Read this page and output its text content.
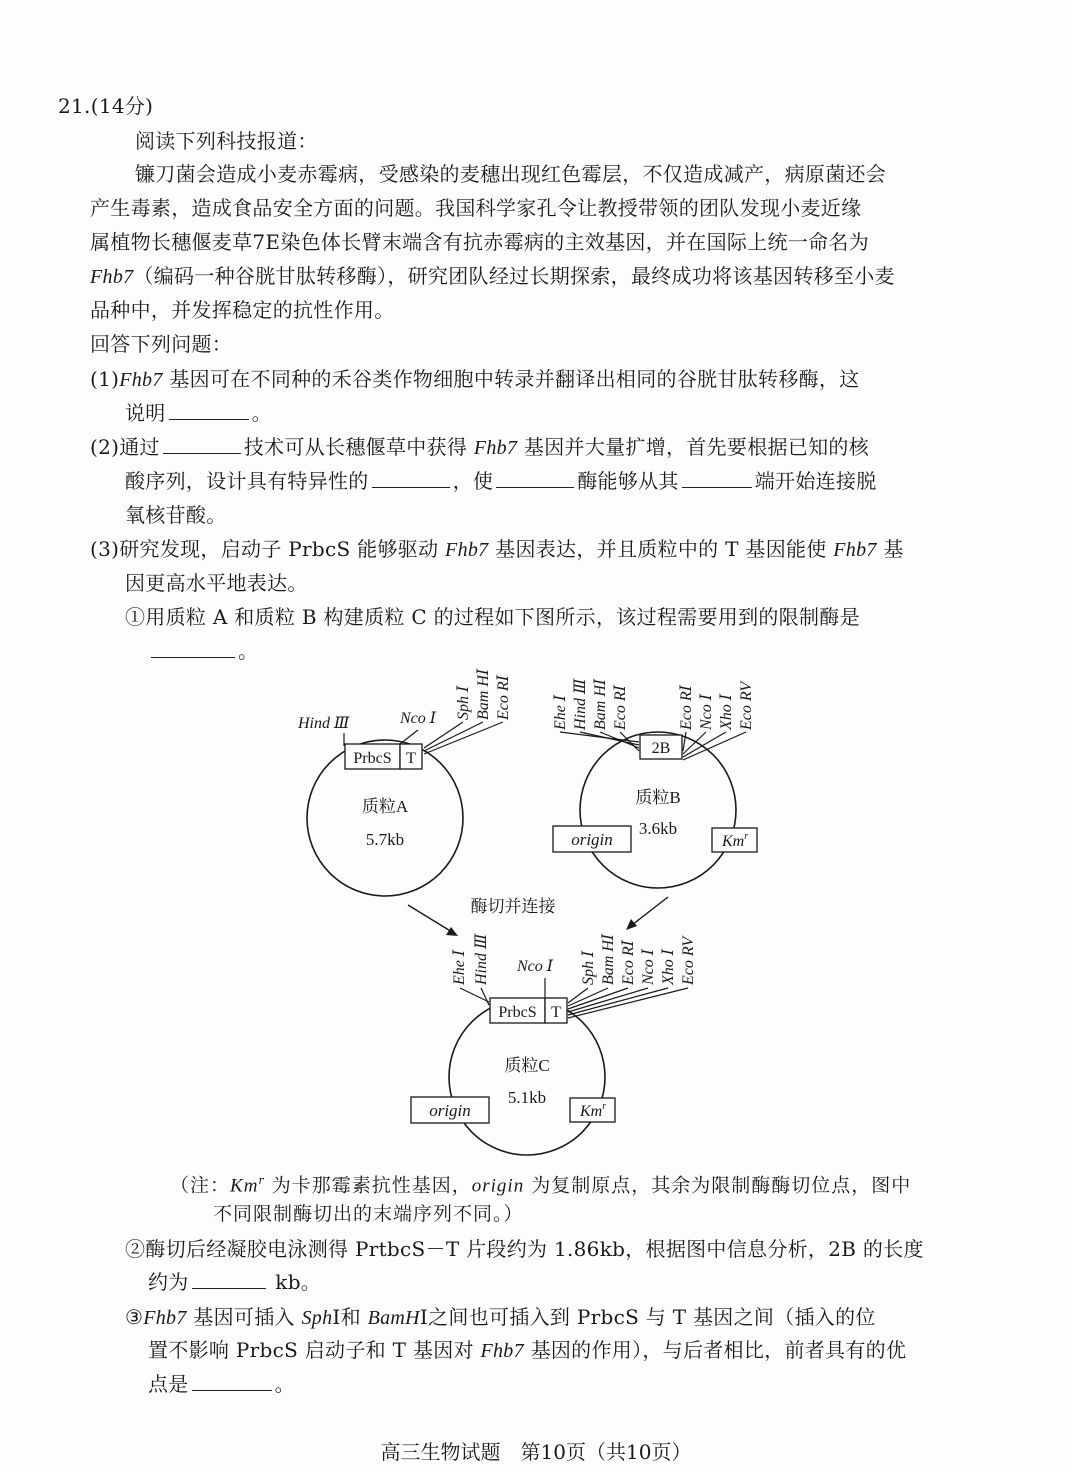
21.(14分)
阅读下列科技报道：
镰刀菌会造成小麦赤霉病，受感染的麦穗出现红色霉层，不仅造成减产，病原菌还会
产生毒素，造成食品安全方面的问题。我国科学家孔令让教授带领的团队发现小麦近缘
属植物长穗偃麦草7E染色体长臂末端含有抗赤霉病的主效基因，并在国际上统一命名为
Fhb7（编码一种谷胱甘肽转移酶），研究团队经过长期探索，最终成功将该基因转移至小麦
品种中，并发挥稳定的抗性作用。
回答下列问题：
(1)Fhb7 基因可在不同种的禾谷类作物细胞中转录并翻译出相同的谷胱甘肽转移酶，这
说明	。
(2)通过	技术可从长穗偃草中获得 Fhb7 基因并大量扩增，首先要根据已知的核
酸序列，设计具有特异性的	，使	酶能够从其	端开始连接脱
氧核苷酸。
(3)研究发现，启动子 PrbcS 能够驱动 Fhb7 基因表达，并且质粒中的 T 基因能使 Fhb7 基
因更高水平地表达。
①用质粒 A 和质粒 B 构建质粒 C 的过程如下图所示，该过程需要用到的限制酶是
。
PrbcS T
质粒A
5.7kb
Hind Ⅲ	Nco Ⅰ Sph Ⅰ Bam HⅠ Eco RⅠ
2B
质粒B
3.6kb
origin	Km$^r$
Ehe Ⅰ Hind Ⅲ Bam HⅠ Eco RⅠ	Eco RⅠ Nco Ⅰ Xho Ⅰ Eco RV
酶切并连接
PrbcS T
质粒C
5.1kb
origin	Km$^r$
Ehe Ⅰ Hind Ⅲ Nco Ⅰ Sph Ⅰ Bam HⅠ Eco RⅠ Nco Ⅰ Xho Ⅰ Eco RV
（注：Km$^r$ 为卡那霉素抗性基因，origin 为复制原点，其余为限制酶酶切位点，图中
不同限制酶切出的末端序列不同。）
②酶切后经凝胶电泳测得 PrtbcS－T 片段约为 1.86kb，根据图中信息分析，2B 的长度
约为	kb。
③Fhb7 基因可插入 SphⅠ和 BamHⅠ之间也可插入到 PrbcS 与 T 基因之间（插入的位
置不影响 PrbcS 启动子和 T 基因对 Fhb7 基因的作用），与后者相比，前者具有的优
点是	。
高三生物试题　第10页（共10页）
